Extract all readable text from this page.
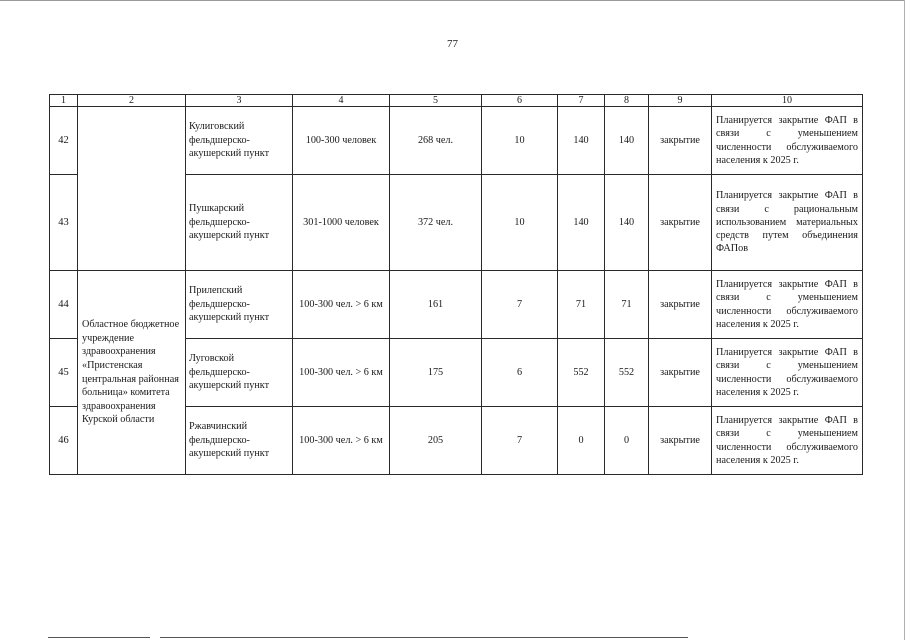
77
1	2	3	4	5	6	7	8	9	10
42		Кулиговский фельдшерско-акушерский пункт	100-300 человек	268 чел.	10	140	140	закрытие	Планируется закрытие ФАП в связи с уменьшением численности обслуживаемого населения к 2025 г.
43		Пушкарский фельдшерско-акушерский пункт	301-1000 человек	372 чел.	10	140	140	закрытие	Планируется закрытие ФАП в связи с рациональным использованием материальных средств путем объединения ФАПов
44	Областное бюджетное учреждение здравоохранения «Пристенская центральная районная больница» комитета здравоохранения Курской области	Прилепский фельдшерско-акушерский пункт	100-300 чел. > 6 км	161	7	71	71	закрытие	Планируется закрытие ФАП в связи с уменьшением численности обслуживаемого населения к 2025 г.
45		Луговской фельдшерско-акушерский пункт	100-300 чел. > 6 км	175	6	552	552	закрытие	Планируется закрытие ФАП в связи с уменьшением численности обслуживаемого населения к 2025 г.
46		Ржавчинский фельдшерско-акушерский пункт	100-300 чел. > 6 км	205	7	0	0	закрытие	Планируется закрытие ФАП в связи с уменьшением численности обслуживаемого населения к 2025 г.
